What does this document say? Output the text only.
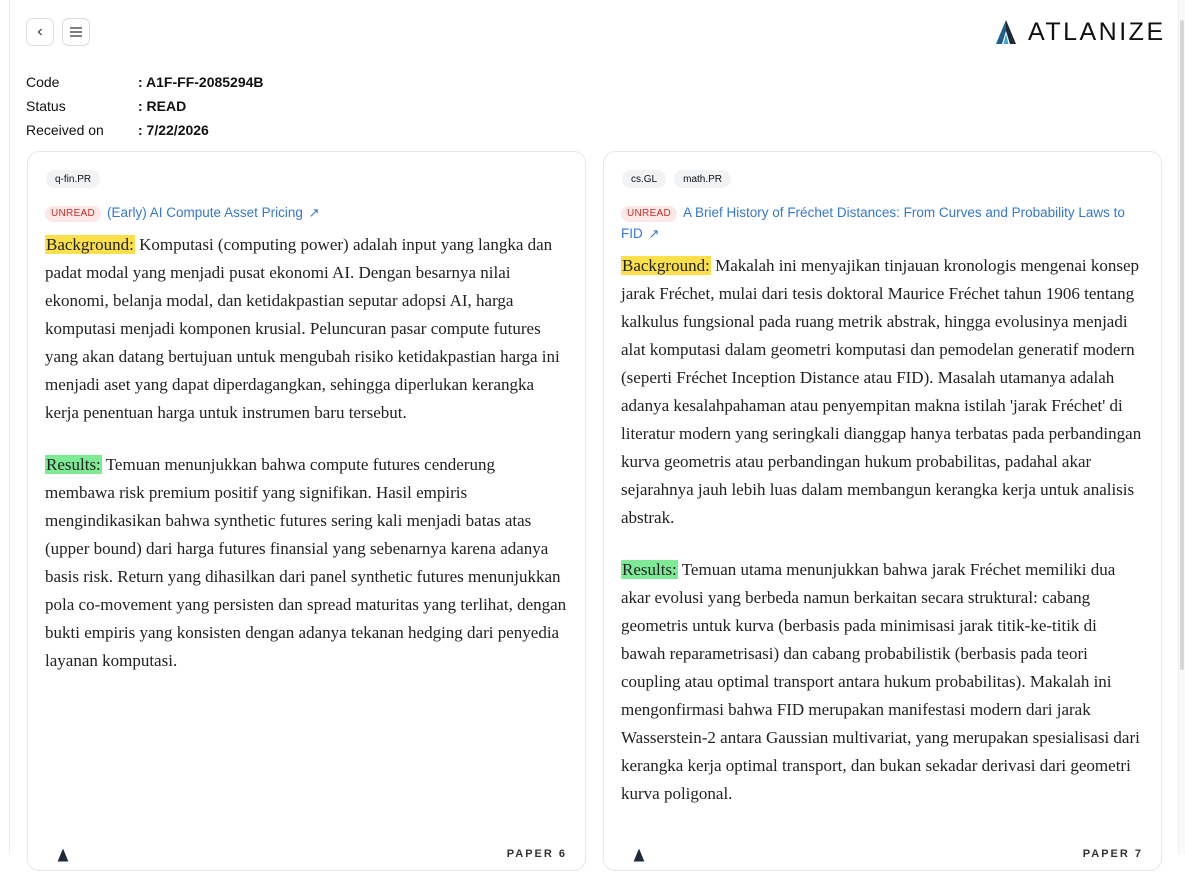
ATLANIZE
Code	: A1F-FF-2085294B
Status	: READ
Received on	: 7/22/2026
q-fin.PR
UNREAD (Early) AI Compute Asset Pricing ↗

Background: Komputasi (computing power) adalah input yang langka dan padat modal yang menjadi pusat ekonomi AI. Dengan besarnya nilai ekonomi, belanja modal, dan ketidakpastian seputar adopsi AI, harga komputasi menjadi komponen krusial. Peluncuran pasar compute futures yang akan datang bertujuan untuk mengubah risiko ketidakpastian harga ini menjadi aset yang dapat diperdagangkan, sehingga diperlukan kerangka kerja penentuan harga untuk instrumen baru tersebut.

Results: Temuan menunjukkan bahwa compute futures cenderung membawa risk premium positif yang signifikan. Hasil empiris mengindikasikan bahwa synthetic futures sering kali menjadi batas atas (upper bound) dari harga futures finansial yang sebenarnya karena adanya basis risk. Return yang dihasilkan dari panel synthetic futures menunjukkan pola co-movement yang persisten dan spread maturitas yang terlihat, dengan bukti empiris yang konsisten dengan adanya tekanan hedging dari penyedia layanan komputasi.

PAPER 6
cs.GL	math.PR
UNREAD A Brief History of Fréchet Distances: From Curves and Probability Laws to FID ↗

Background: Makalah ini menyajikan tinjauan kronologis mengenai konsep jarak Fréchet, mulai dari tesis doktoral Maurice Fréchet tahun 1906 tentang kalkulus fungsional pada ruang metrik abstrak, hingga evolusinya menjadi alat komputasi dalam geometri komputasi dan pemodelan generatif modern (seperti Fréchet Inception Distance atau FID). Masalah utamanya adalah adanya kesalahpahaman atau penyempitan makna istilah 'jarak Fréchet' di literatur modern yang seringkali dianggap hanya terbatas pada perbandingan kurva geometris atau perbandingan hukum probabilitas, padahal akar sejarahnya jauh lebih luas dalam membangun kerangka kerja untuk analisis abstrak.

Results: Temuan utama menunjukkan bahwa jarak Fréchet memiliki dua akar evolusi yang berbeda namun berkaitan secara struktural: cabang geometris untuk kurva (berbasis pada minimisasi jarak titik-ke-titik di bawah reparametrisasi) dan cabang probabilistik (berbasis pada teori coupling atau optimal transport antara hukum probabilitas). Makalah ini mengonfirmasi bahwa FID merupakan manifestasi modern dari jarak Wasserstein-2 antara Gaussian multivariat, yang merupakan spesialisasi dari kerangka kerja optimal transport, dan bukan sekadar derivasi dari geometri kurva poligonal.

PAPER 7
